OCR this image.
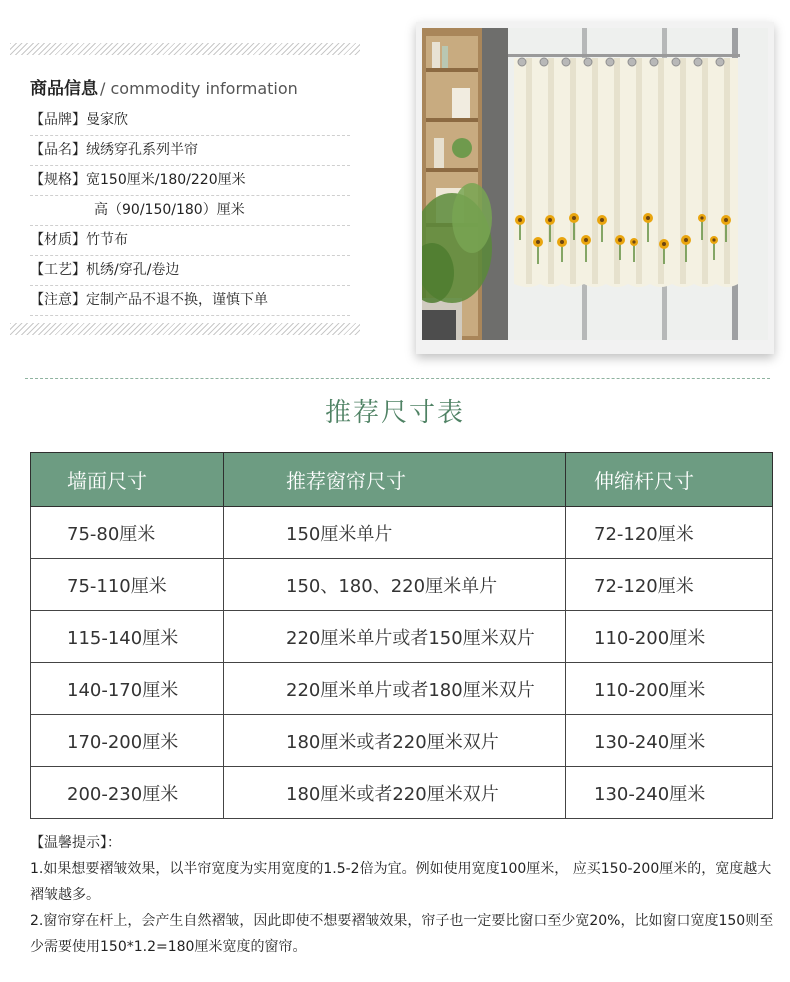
商品信息 / commodity information
【品牌】曼家欣
【品名】绒绣穿孔系列半帘
【规格】宽150厘米/180/220厘米
高（90/150/180）厘米
【材质】竹节布
【工艺】机绣/穿孔/卷边
【注意】定制产品不退不换，谨慎下单
推荐尺寸表
墙面尺寸	推荐窗帘尺寸	伸缩杆尺寸
75-80厘米	150厘米单片	72-120厘米
75-110厘米	150、180、220厘米单片	72-120厘米
115-140厘米	220厘米单片或者150厘米双片	110-200厘米
140-170厘米	220厘米单片或者180厘米双片	110-200厘米
170-200厘米	180厘米或者220厘米双片	130-240厘米
200-230厘米	180厘米或者220厘米双片	130-240厘米

【温馨提示】：

1.如果想要褶皱效果，以半帘宽度为实用宽度的1.5-2倍为宜。例如使用宽度100厘米， 应买150-200厘米的，宽度越大褶皱越多。

2.窗帘穿在杆上，会产生自然褶皱，因此即使不想要褶皱效果，帘子也一定要比窗口至少宽20%，比如窗口宽度150则至少需要使用150*1.2=180厘米宽度的窗帘。
